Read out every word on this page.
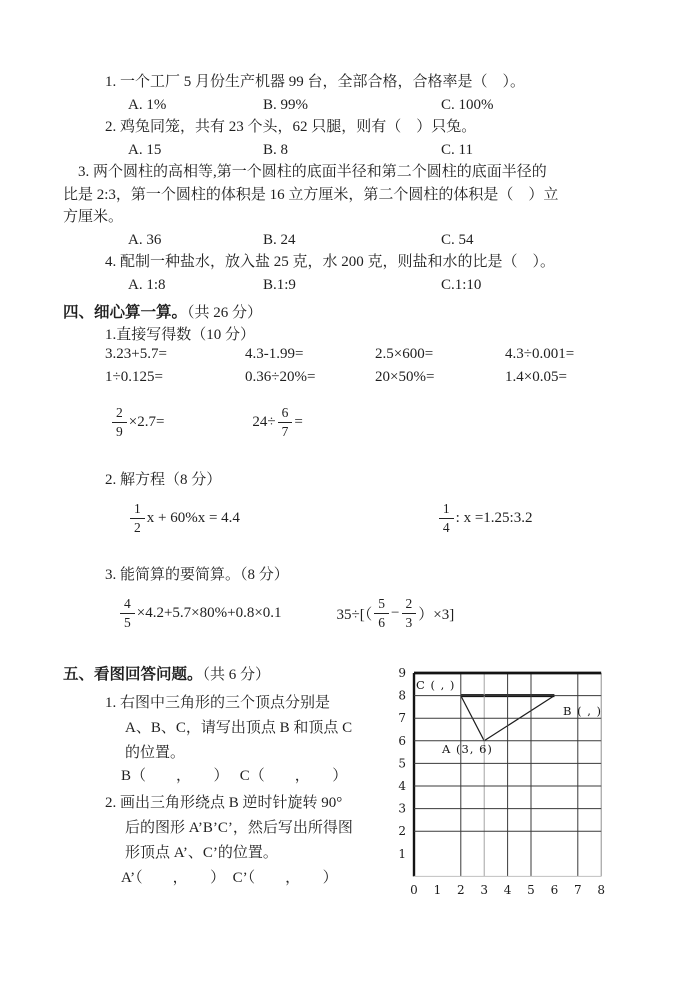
1. 一个工厂 5 月份生产机器 99 台，全部合格，合格率是（　）。
A. 1%	B. 99%	C. 100%
2. 鸡兔同笼，共有 23 个头，62 只腿，则有（　）只兔。
A. 15	B. 8	C. 11
3. 两个圆柱的高相等,第一个圆柱的底面半径和第二个圆柱的底面半径的
比是 2:3，第一个圆柱的体积是 16 立方厘米，第二个圆柱的体积是（　）立
方厘米。
A. 36	B. 24	C. 54
4. 配制一种盐水，放入盐 25 克，水 200 克，则盐和水的比是（　）。
A. 1:8	B.1:9	C.1:10
四、细心算一算。（共 26 分）
1.直接写得数（10 分）
3.23+5.7=	4.3-1.99=	2.5×600=	4.3÷0.001=
1÷0.125=	0.36÷20%=	20×50%=	1.4×0.05=
$\frac{2}{9} \times 2.7=$	$24\div \frac{6}{7}$ =
2. 解方程（8 分）
$\frac{1}{2}$ x + 60%x = 4.4	$\frac{1}{4}$ : x =1.25:3.2
3. 能简算的要简算。（8 分）
$\frac{4}{5} \times 4.2+5.7\times 80\%+0.8\times 0.1$	$35\div[( \frac{5}{6} - \frac{2}{3} )\times 3]$
五、看图回答问题。（共 6 分）
1. 右图中三角形的三个顶点分别是
A、B、C，请写出顶点 B 和顶点 C
的位置。
B（　　，　　）　 C（　　，　　）
2. 画出三角形绕点 B 逆时针旋转 90°
后的图形 A’B’C’，然后写出所得图
形顶点 A’、C’的位置。
A’（　　，　　）　C’（　　，　　）
C ( , )
B ( , )
A (3, 6)
9
8
7
6
5
4
3
2
1
0 1 2 3 4 5 6 7 8
